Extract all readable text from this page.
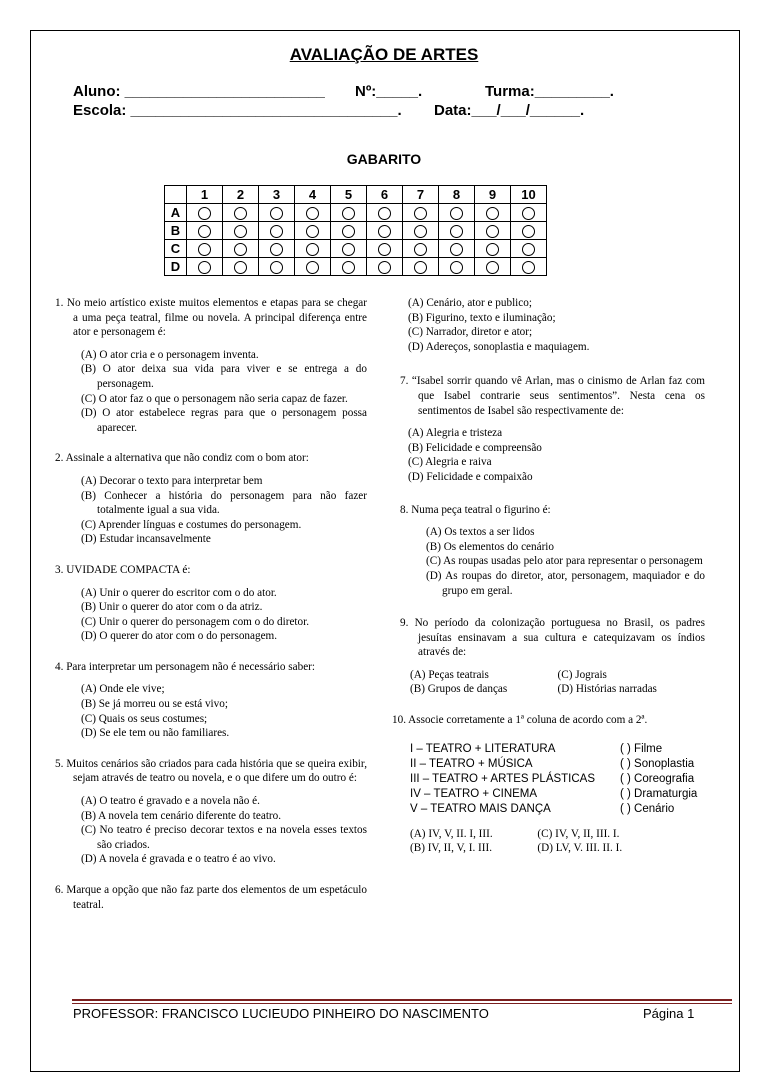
AVALIAÇÃO DE ARTES
Aluno: ________________________ Nº:_____.	Turma:_________.
Escola: ________________________________. Data:___/___/______.
GABARITO
	1	2	3	4	5	6	7	8	9	10
A										
B										
C										
D										

1. No meio artístico existe muitos elementos e etapas para se chegar a uma peça teatral, filme ou novela. A principal diferença entre ator e personagem é:

(A) O ator cria e o personagem inventa.

(B) O ator deixa sua vida para viver e se entrega a do personagem.

(C) O ator faz o que o personagem não seria capaz de fazer.

(D) O ator estabelece regras para que o personagem possa aparecer.

2. Assinale a alternativa que não condiz com o bom ator:

(A) Decorar o texto para interpretar bem

(B) Conhecer a história do personagem para não fazer totalmente igual a sua vida.

(C) Aprender línguas e costumes do personagem.

(D) Estudar incansavelmente

3. UVIDADE COMPACTA é:

(A) Unir o querer do escritor com o do ator.

(B) Unir o querer do ator com o da atriz.

(C) Unir o querer do personagem com o do diretor.

(D) O querer do ator com o do personagem.

4. Para interpretar um personagem não é necessário saber:

(A) Onde ele vive;

(B) Se já morreu ou se está vivo;

(C) Quais os seus costumes;

(D) Se ele tem ou não familiares.

5. Muitos cenários são criados para cada história que se queira exibir, sejam através de teatro ou novela, e o que difere um do outro é:

(A) O teatro é gravado e a novela não é.

(B) A novela tem cenário diferente do teatro.

(C) No teatro é preciso decorar textos e na novela esses textos são criados.

(D) A novela é gravada e o teatro é ao vivo.

6. Marque a opção que não faz parte dos elementos de um espetáculo teatral.

(A) Cenário, ator e publico;

(B) Figurino, texto e iluminação;

(C) Narrador, diretor e ator;

(D) Adereços, sonoplastia e maquiagem.

7. “Isabel sorrir quando vê Arlan, mas o cinismo de Arlan faz com que Isabel contrarie seus sentimentos”. Nesta cena os sentimentos de Isabel são respectivamente de:

(A) Alegria e tristeza

(B) Felicidade e compreensão

(C) Alegria e raiva

(D) Felicidade e compaixão

8. Numa peça teatral o figurino é:

(A) Os textos a ser lidos

(B) Os elementos do cenário

(C) As roupas usadas pelo ator para representar o personagem

(D) As roupas do diretor, ator, personagem, maquiador e do grupo em geral.

9. No período da colonização portuguesa no Brasil, os padres jesuítas ensinavam a sua cultura e catequizavam os índios através de:

(A) Peças teatrais	(C) Jograis
(B) Grupos de danças	(D) Histórias narradas

10. Associe corretamente a 1ª coluna de acordo com a 2ª.

I – TEATRO + LITERATURA	( ) Filme
II – TEATRO + MÚSICA	( ) Sonoplastia
III – TEATRO + ARTES PLÁSTICAS	( ) Coreografia
IV – TEATRO + CINEMA	( ) Dramaturgia
V – TEATRO MAIS DANÇA	( ) Cenário
(A) IV, V, II. I, III.	(C) IV, V, II, III. I.
(B) IV, II, V, I. III.	(D) LV, V. III. II. I.
PROFESSOR: FRANCISCO LUCIEUDO PINHEIRO DO NASCIMENTO	Página 1
